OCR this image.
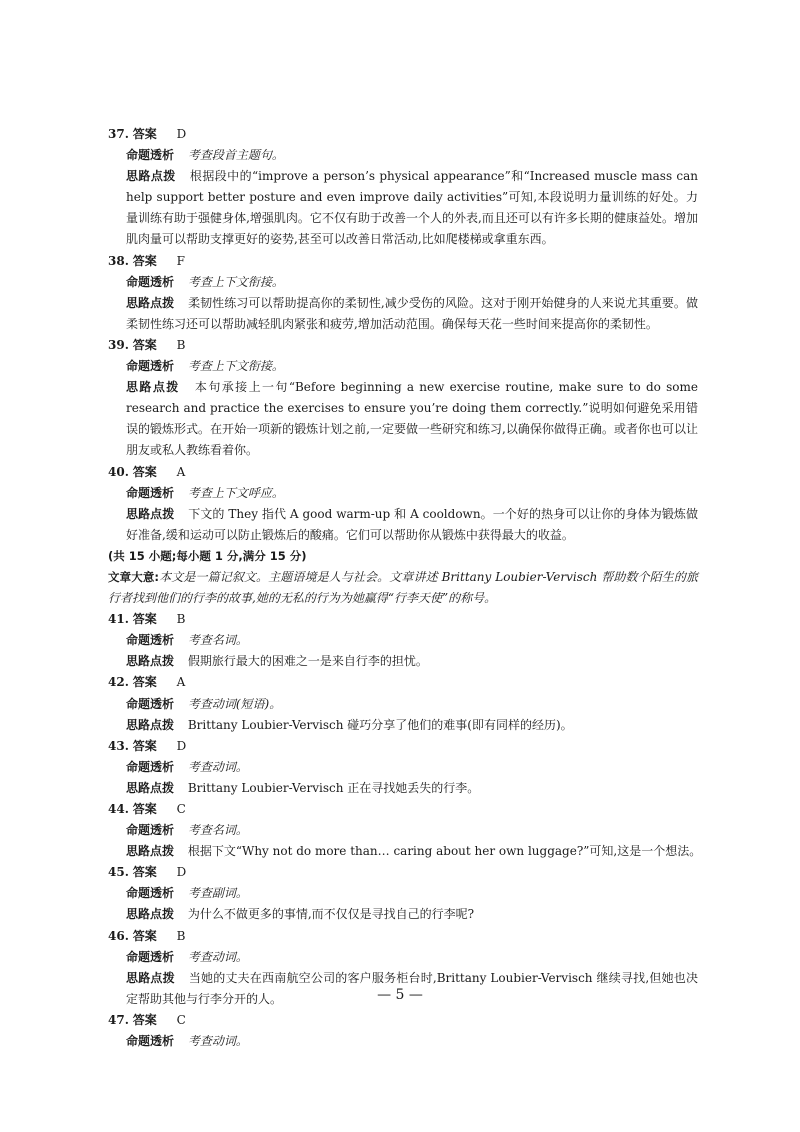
37. 答案 D
命题透析 考查段首主题句。
思路点拨 根据段中的“improve a person’s physical appearance”和“Increased muscle mass can help support better posture and even improve daily activities”可知,本段说明力量训练的好处。力量训练有助于强健身体,增强肌肉。它不仅有助于改善一个人的外表,而且还可以有许多长期的健康益处。增加肌肉量可以帮助支撑更好的姿势,甚至可以改善日常活动,比如爬楼梯或拿重东西。
38. 答案 F
命题透析 考查上下文衔接。
思路点拨 柔韧性练习可以帮助提高你的柔韧性,减少受伤的风险。这对于刚开始健身的人来说尤其重要。做柔韧性练习还可以帮助减轻肌肉紧张和疲劳,增加活动范围。确保每天花一些时间来提高你的柔韧性。
39. 答案 B
命题透析 考查上下文衔接。
思路点拨 本句承接上一句“Before beginning a new exercise routine, make sure to do some research and practice the exercises to ensure you’re doing them correctly.”说明如何避免采用错误的锻炼形式。在开始一项新的锻炼计划之前,一定要做一些研究和练习,以确保你做得正确。或者你也可以让朋友或私人教练看着你。
40. 答案 A
命题透析 考查上下文呼应。
思路点拨 下文的 They 指代 A good warm-up 和 A cooldown。一个好的热身可以让你的身体为锻炼做好准备,缓和运动可以防止锻炼后的酸痛。它们可以帮助你从锻炼中获得最大的收益。
(共 15 小题;每小题 1 分,满分 15 分)
文章大意:本文是一篇记叙文。主题语境是人与社会。文章讲述 Brittany Loubier-Vervisch 帮助数个陌生的旅行者找到他们的行李的故事,她的无私的行为为她赢得“行李天使”的称号。
41. 答案 B
命题透析 考查名词。
思路点拨 假期旅行最大的困难之一是来自行李的担忧。
42. 答案 A
命题透析 考查动词(短语)。
思路点拨 Brittany Loubier-Vervisch 碰巧分享了他们的难事(即有同样的经历)。
43. 答案 D
命题透析 考查动词。
思路点拨 Brittany Loubier-Vervisch 正在寻找她丢失的行李。
44. 答案 C
命题透析 考查名词。
思路点拨 根据下文“Why not do more than… caring about her own luggage?”可知,这是一个想法。
45. 答案 D
命题透析 考查副词。
思路点拨 为什么不做更多的事情,而不仅仅是寻找自己的行李呢?
46. 答案 B
命题透析 考查动词。
思路点拨 当她的丈夫在西南航空公司的客户服务柜台时,Brittany Loubier-Vervisch 继续寻找,但她也决定帮助其他与行李分开的人。
47. 答案 C
命题透析 考查动词。
— 5 —
